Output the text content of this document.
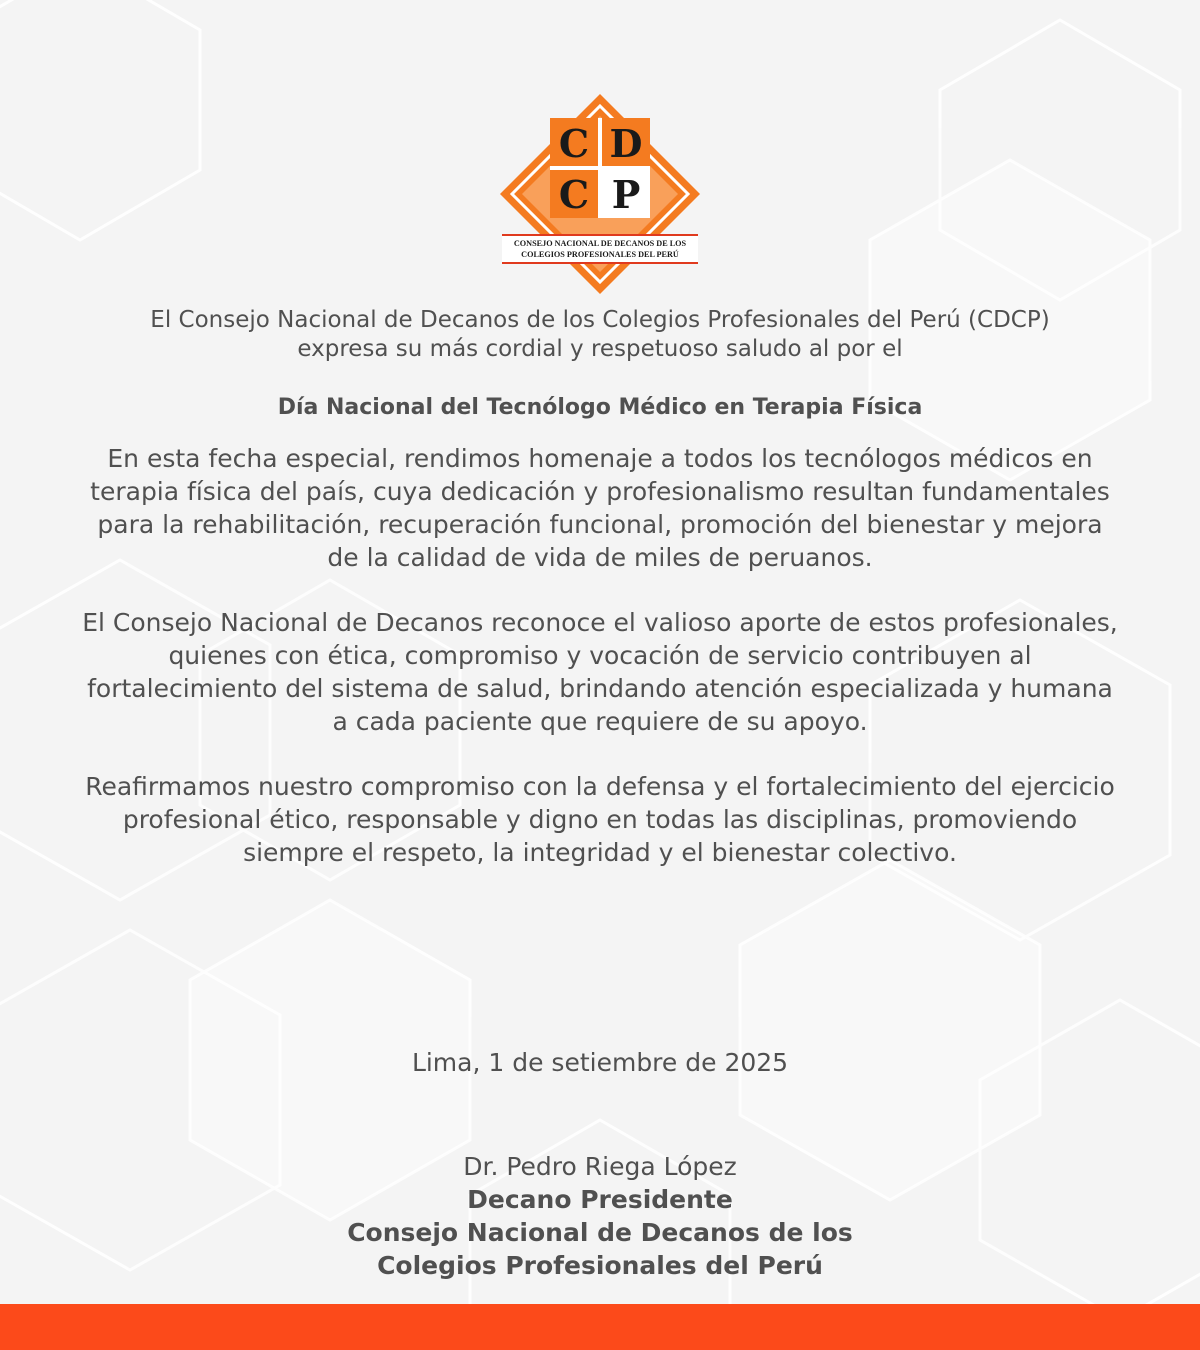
C D
C P
CONSEJO NACIONAL DE DECANOS DE LOS
COLEGIOS PROFESIONALES DEL PERÚ

El Consejo Nacional de Decanos de los Colegios Profesionales del Perú (CDCP)
expresa su más cordial y respetuoso saludo al por el

Día Nacional del Tecnólogo Médico en Terapia Física

En esta fecha especial, rendimos homenaje a todos los tecnólogos médicos en terapia física del país, cuya dedicación y profesionalismo resultan fundamentales para la rehabilitación, recuperación funcional, promoción del bienestar y mejora de la calidad de vida de miles de peruanos.

El Consejo Nacional de Decanos reconoce el valioso aporte de estos profesionales, quienes con ética, compromiso y vocación de servicio contribuyen al fortalecimiento del sistema de salud, brindando atención especializada y humana a cada paciente que requiere de su apoyo.

Reafirmamos nuestro compromiso con la defensa y el fortalecimiento del ejercicio profesional ético, responsable y digno en todas las disciplinas, promoviendo siempre el respeto, la integridad y el bienestar colectivo.

Lima, 1 de setiembre de 2025
Dr. Pedro Riega López
Decano Presidente
Consejo Nacional de Decanos de los
Colegios Profesionales del Perú
